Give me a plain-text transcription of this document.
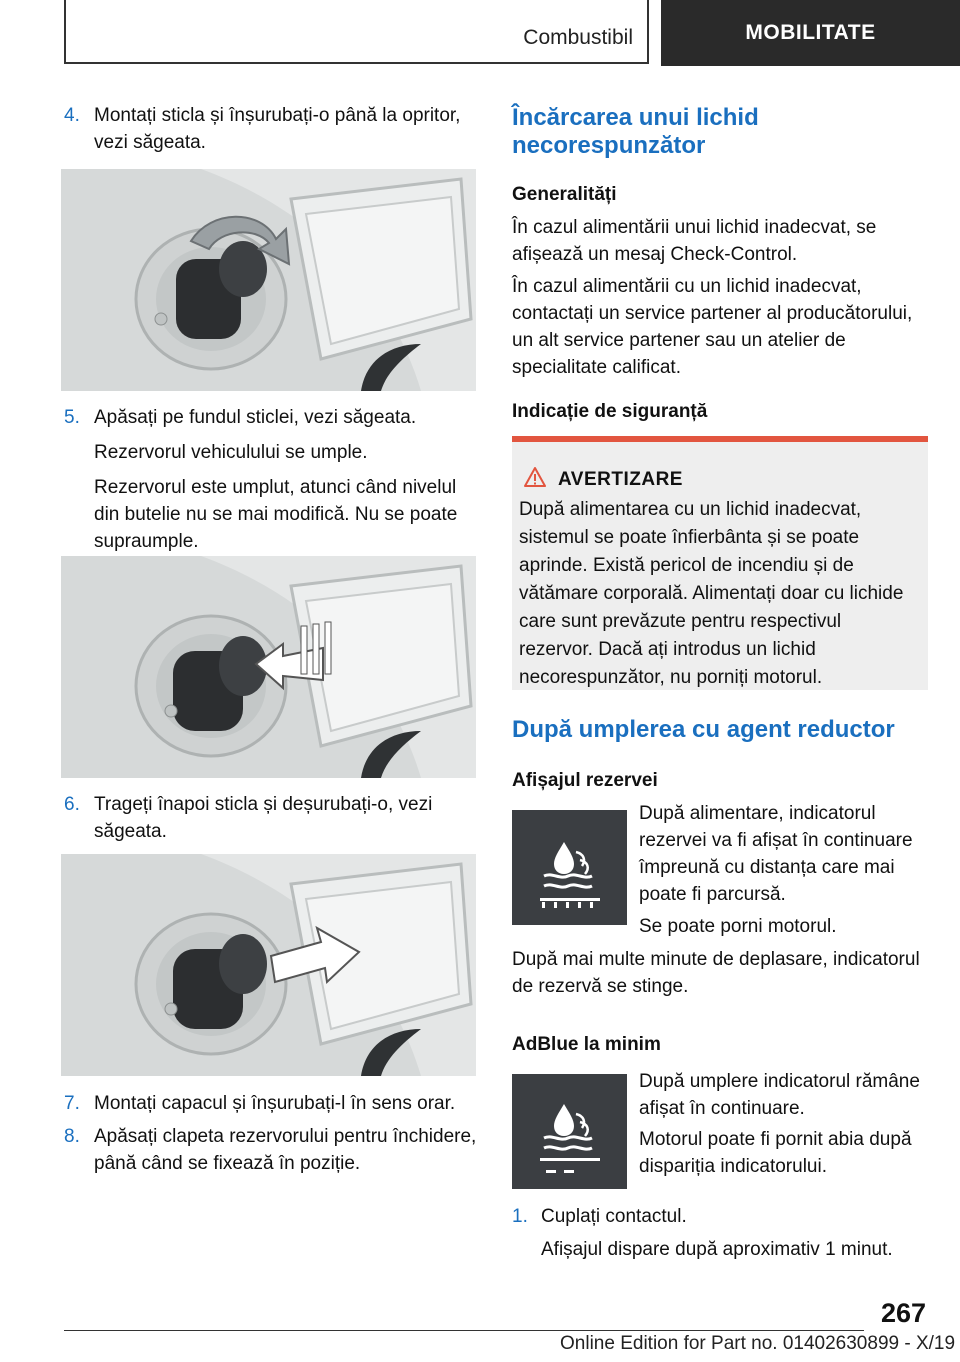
Combustibil	MOBILITATE
4. Montați sticla și înșurubați-o până la opritor, vezi săgeata.
5. Apăsați pe fundul sticlei, vezi săgeata.
Rezervorul vehiculului se umple.
Rezervorul este umplut, atunci când nivelul din butelie nu se mai modifică. Nu se poate supraumple.
6. Trageți înapoi sticla și deșurubați-o, vezi săgeata.
7. Montați capacul și înșurubați-l în sens orar.
8. Apăsați clapeta rezervorului pentru închidere, până când se fixează în poziție.
Încărcarea unui lichid necorespunzător
Generalități
În cazul alimentării unui lichid inadecvat, se afișează un mesaj Check-Control.
În cazul alimentării cu un lichid inadecvat, contactați un service partener al producătorului, un alt service partener sau un atelier de specialitate calificat.
Indicație de siguranță
AVERTIZARE
După alimentarea cu un lichid inadecvat, sistemul se poate înfierbânta și se poate aprinde. Există pericol de incendiu și de vătămare corporală. Alimentați doar cu lichide care sunt prevăzute pentru respectivul rezervor. Dacă ați introdus un lichid necorespunzător, nu porniți motorul.
După umplerea cu agent reductor
Afișajul rezervei
După alimentare, indicatorul rezervei va fi afișat în continuare împreună cu distanța care mai poate fi parcursă.
Se poate porni motorul.
După mai multe minute de deplasare, indicatorul de rezervă se stinge.
AdBlue la minim
După umplere indicatorul rămâne afișat în continuare.
Motorul poate fi pornit abia după dispariția indicatorului.
1. Cuplați contactul.
Afișajul dispare după aproximativ 1 minut.
267
Online Edition for Part no. 01402630899 - X/19
